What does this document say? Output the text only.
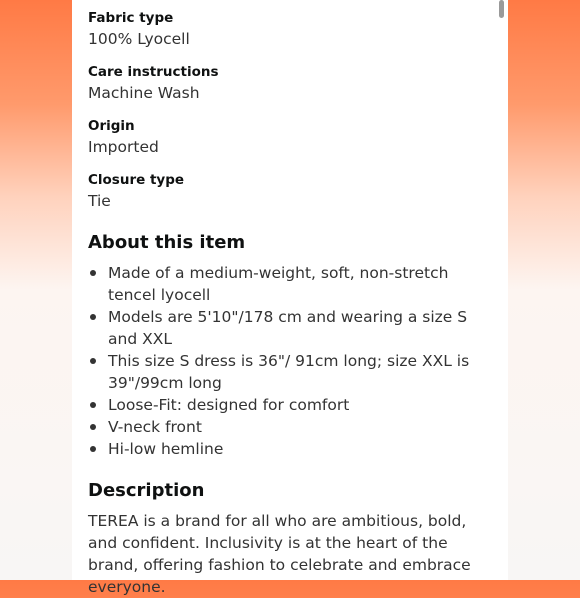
Fabric type
100% Lyocell
Care instructions
Machine Wash
Origin
Imported
Closure type
Tie
About this item
Made of a medium-weight, soft, non-stretch tencel lyocell
Models are 5'10"/178 cm and wearing a size S and XXL
This size S dress is 36"/ 91cm long; size XXL is 39"/99cm long
Loose-Fit: designed for comfort
V-neck front
Hi-low hemline
Description

TEREA is a brand for all who are ambitious, bold, and confident. Inclusivity is at the heart of the brand, offering fashion to celebrate and embrace everyone.
